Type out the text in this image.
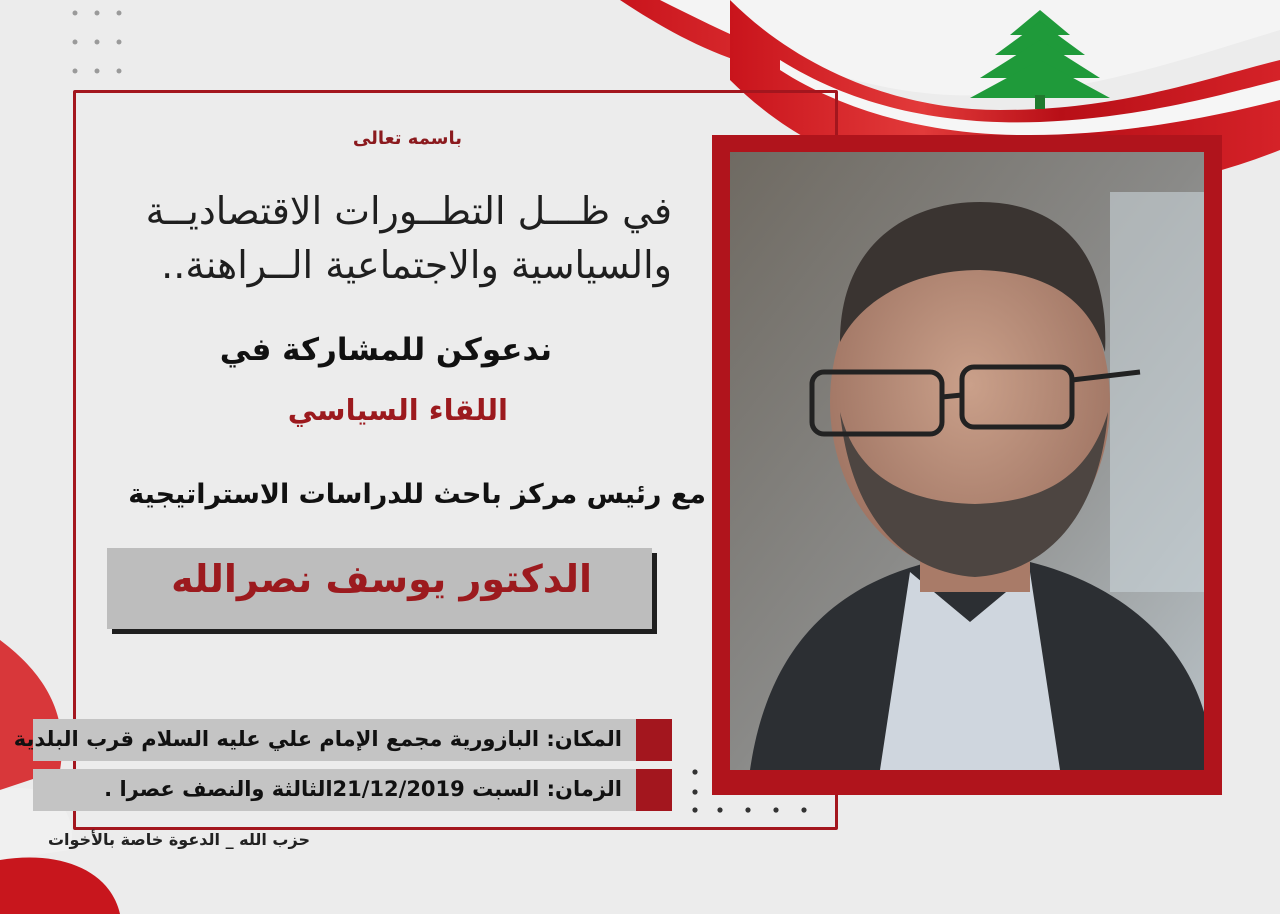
باسمه تعالى
في ظـــل التطــورات الاقتصاديــة
والسياسية والاجتماعية الــراهنة..
ندعوكن للمشاركة في
اللقاء السياسي
مع رئيس مركز باحث للدراسات الاستراتيجية
الدكتور يوسف نصرالله
المكان: البازورية مجمع الإمام علي عليه السلام قرب البلدية
الزمان: السبت 21/12/2019الثالثة والنصف عصرا .
حزب الله _ الدعوة خاصة بالأخوات
